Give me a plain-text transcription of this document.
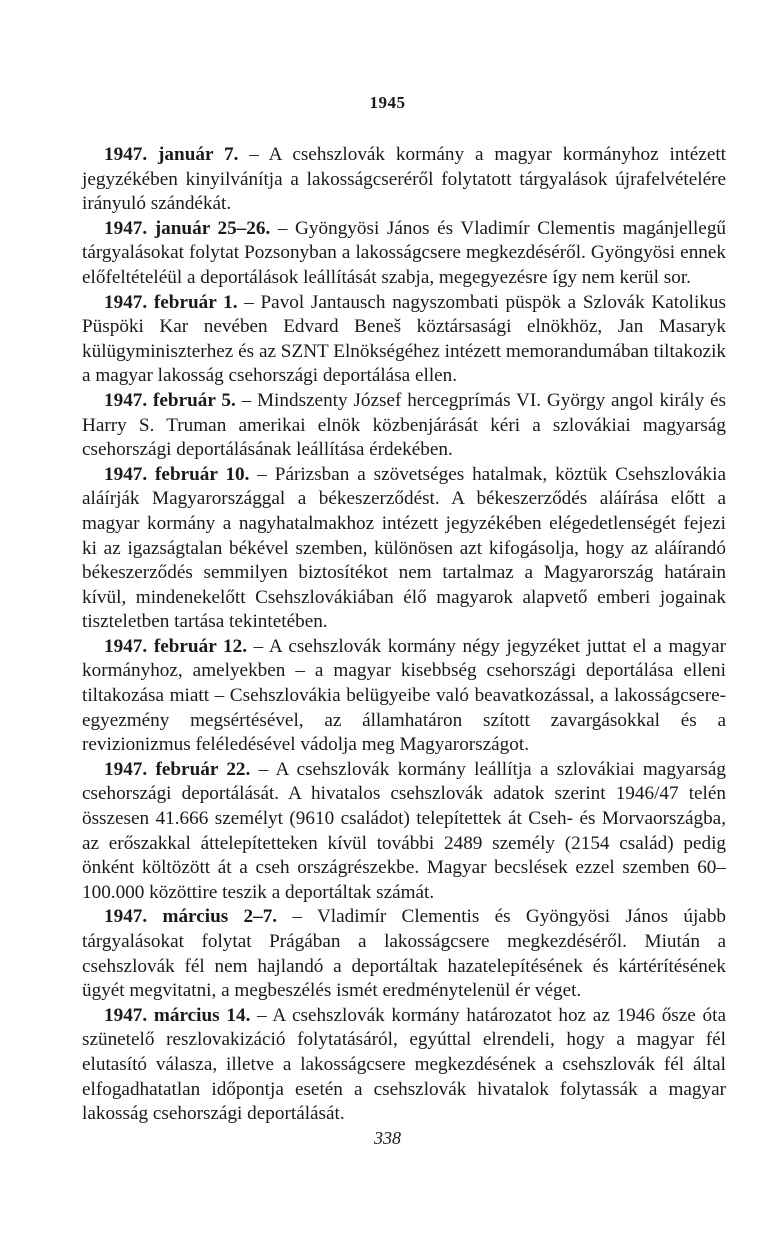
1945

1947. január 7. – A csehszlovák kormány a magyar kormányhoz intézett jegyzékében kinyilvánítja a lakosságcseréről folytatott tárgyalások újrafelvételére irányuló szándékát.

1947. január 25–26. – Gyöngyösi János és Vladimír Clementis magánjellegű tárgyalásokat folytat Pozsonyban a lakosságcsere megkezdéséről. Gyöngyösi ennek előfeltételéül a deportálások leállítását szabja, megegyezésre így nem kerül sor.

1947. február 1. – Pavol Jantausch nagyszombati püspök a Szlovák Katolikus Püspöki Kar nevében Edvard Beneš köztársasági elnökhöz, Jan Masaryk külügyminiszterhez és az SZNT Elnökségéhez intézett memorandumában tiltakozik a magyar lakosság csehországi deportálása ellen.

1947. február 5. – Mindszenty József hercegprímás VI. György angol király és Harry S. Truman amerikai elnök közbenjárását kéri a szlovákiai magyarság csehországi deportálásának leállítása érdekében.

1947. február 10. – Párizsban a szövetséges hatalmak, köztük Csehszlovákia aláírják Magyarországgal a békeszerződést. A békeszerződés aláírása előtt a magyar kormány a nagyhatalmakhoz intézett jegyzékében elégedetlenségét fejezi ki az igazságtalan békével szemben, különösen azt kifogásolja, hogy az aláírandó békeszerződés semmilyen biztosítékot nem tartalmaz a Magyarország határain kívül, mindenekelőtt Csehszlovákiában élő magyarok alapvető emberi jogainak tiszteletben tartása tekintetében.

1947. február 12. – A csehszlovák kormány négy jegyzéket juttat el a magyar kormányhoz, amelyekben – a magyar kisebbség csehországi deportálása elleni tiltakozása miatt – Csehszlovákia belügyeibe való beavatkozással, a lakosságcsere-egyezmény megsértésével, az államhatáron szított zavargásokkal és a revizionizmus feléledésével vádolja meg Magyarországot.

1947. február 22. – A csehszlovák kormány leállítja a szlovákiai magyarság csehországi deportálását. A hivatalos csehszlovák adatok szerint 1946/47 telén összesen 41.666 személyt (9610 családot) telepítettek át Cseh- és Morvaországba, az erőszakkal áttelepítetteken kívül további 2489 személy (2154 család) pedig önként költözött át a cseh országrészekbe. Magyar becslések ezzel szemben 60–100.000 közöttire teszik a deportáltak számát.

1947. március 2–7. – Vladimír Clementis és Gyöngyösi János újabb tárgyalásokat folytat Prágában a lakosságcsere megkezdéséről. Miután a csehszlovák fél nem hajlandó a deportáltak hazatelepítésének és kártérítésének ügyét megvitatni, a megbeszélés ismét eredménytelenül ér véget.

1947. március 14. – A csehszlovák kormány határozatot hoz az 1946 ősze óta szünetelő reszlovakizáció folytatásáról, egyúttal elrendeli, hogy a magyar fél elutasító válasza, illetve a lakosságcsere megkezdésének a csehszlovák fél által elfogadhatatlan időpontja esetén a csehszlovák hivatalok folytassák a magyar lakosság csehországi deportálását.

338
